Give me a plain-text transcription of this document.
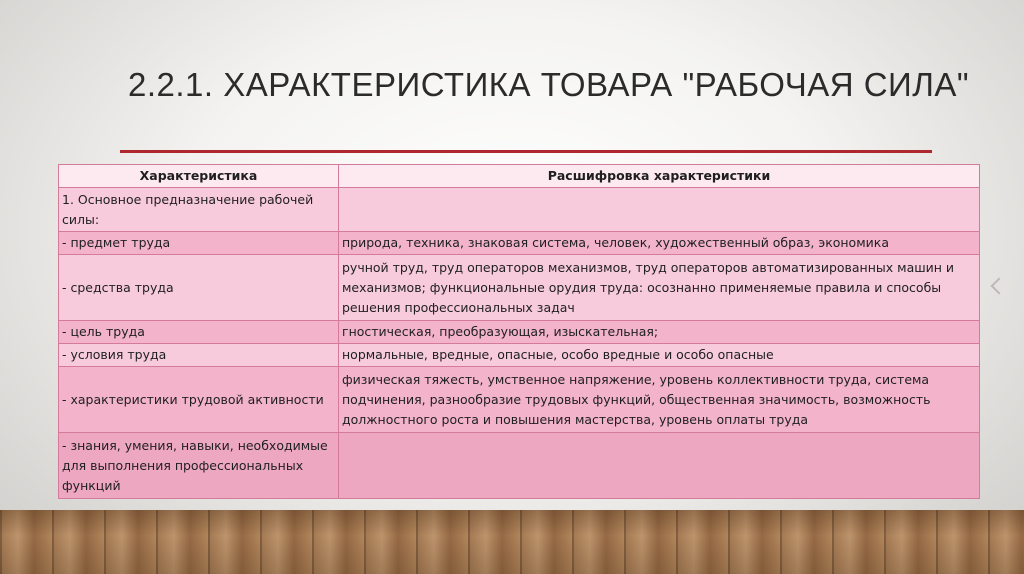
2.2.1. ХАРАКТЕРИСТИКА ТОВАРА "РАБОЧАЯ СИЛА"
Характеристика	Расшифровка характеристики
1. Основное предназначение рабочей силы:	
- предмет труда	природа, техника, знаковая система, человек, художественный образ, экономика
- средства труда	ручной труд, труд операторов механизмов, труд операторов автоматизированных машин и механизмов; функциональные орудия труда: осознанно применяемые правила и способы решения профессиональных задач
- цель труда	гностическая, преобразующая, изыскательная;
- условия труда	нормальные, вредные, опасные, особо вредные и особо опасные
- характеристики трудовой активности	физическая тяжесть, умственное напряжение, уровень коллективности труда, система подчинения, разнообразие трудовых функций, общественная значимость, возможность должностного роста и повышения мастерства, уровень оплаты труда
- знания, умения, навыки, необходимые для выполнения профессиональных функций	
